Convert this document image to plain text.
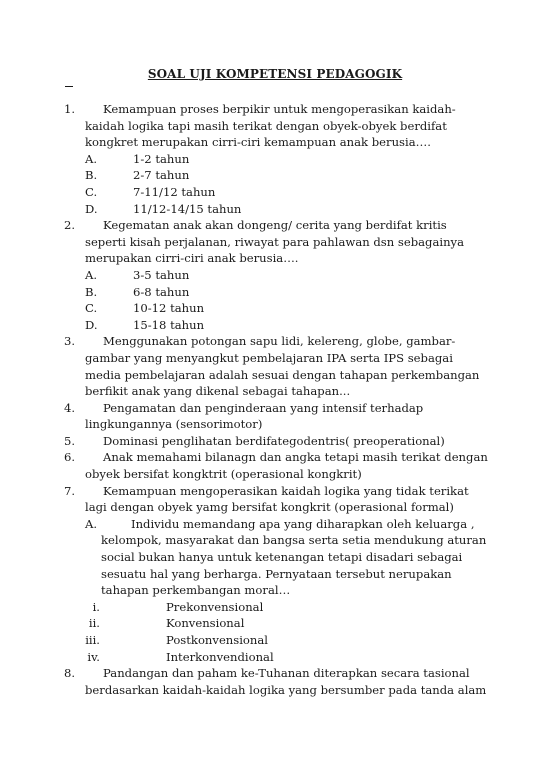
SOAL UJI KOMPETENSI PEDAGOGIK
1.	Kemampuan proses berpikir untuk mengoperasikan kaidah-kaidah logika tapi masih terikat dengan obyek-obyek berdifat kongkret merupakan cirri-ciri kemampuan anak berusia….
A.	1-2 tahun
B.	2-7 tahun
C.	7-11/12 tahun
D.	11/12-14/15 tahun
2.	Kegematan anak akan dongeng/ cerita yang berdifat kritis seperti kisah perjalanan, riwayat para pahlawan dsn sebagainya merupakan cirri-ciri anak berusia….
A.	3-5 tahun
B.	6-8 tahun
C.	10-12 tahun
D.	15-18 tahun
3.	Menggunakan potongan sapu lidi, kelereng, globe, gambar-gambar yang menyangkut pembelajaran IPA serta IPS sebagai media pembelajaran adalah sesuai dengan tahapan perkembangan berfikit anak yang dikenal sebagai tahapan...
4.	Pengamatan dan penginderaan yang intensif terhadap lingkungannya (sensorimotor)
5.	Dominasi penglihatan berdifategodentris( preoperational)
6.	Anak memahami bilanagn dan angka tetapi masih terikat dengan obyek bersifat kongktrit (operasional kongkrit)
7.	Kemampuan mengoperasikan kaidah logika yang tidak terikat lagi dengan obyek yamg bersifat kongkrit (operasional formal)
A.	Individu memandang apa yang diharapkan oleh keluarga , kelompok, masyarakat dan bangsa serta setia mendukung aturan social bukan hanya untuk ketenangan tetapi disadari sebagai sesuatu hal yang berharga. Pernyataan tersebut nerupakan tahapan perkembangan moral…
i.	Prekonvensional
ii.	Konvensional
iii.	Postkonvensional
iv.	Interkonvendional
8.	Pandangan dan paham ke-Tuhanan diterapkan secara tasional berdasarkan kaidah-kaidah logika yang bersumber pada tanda alam
